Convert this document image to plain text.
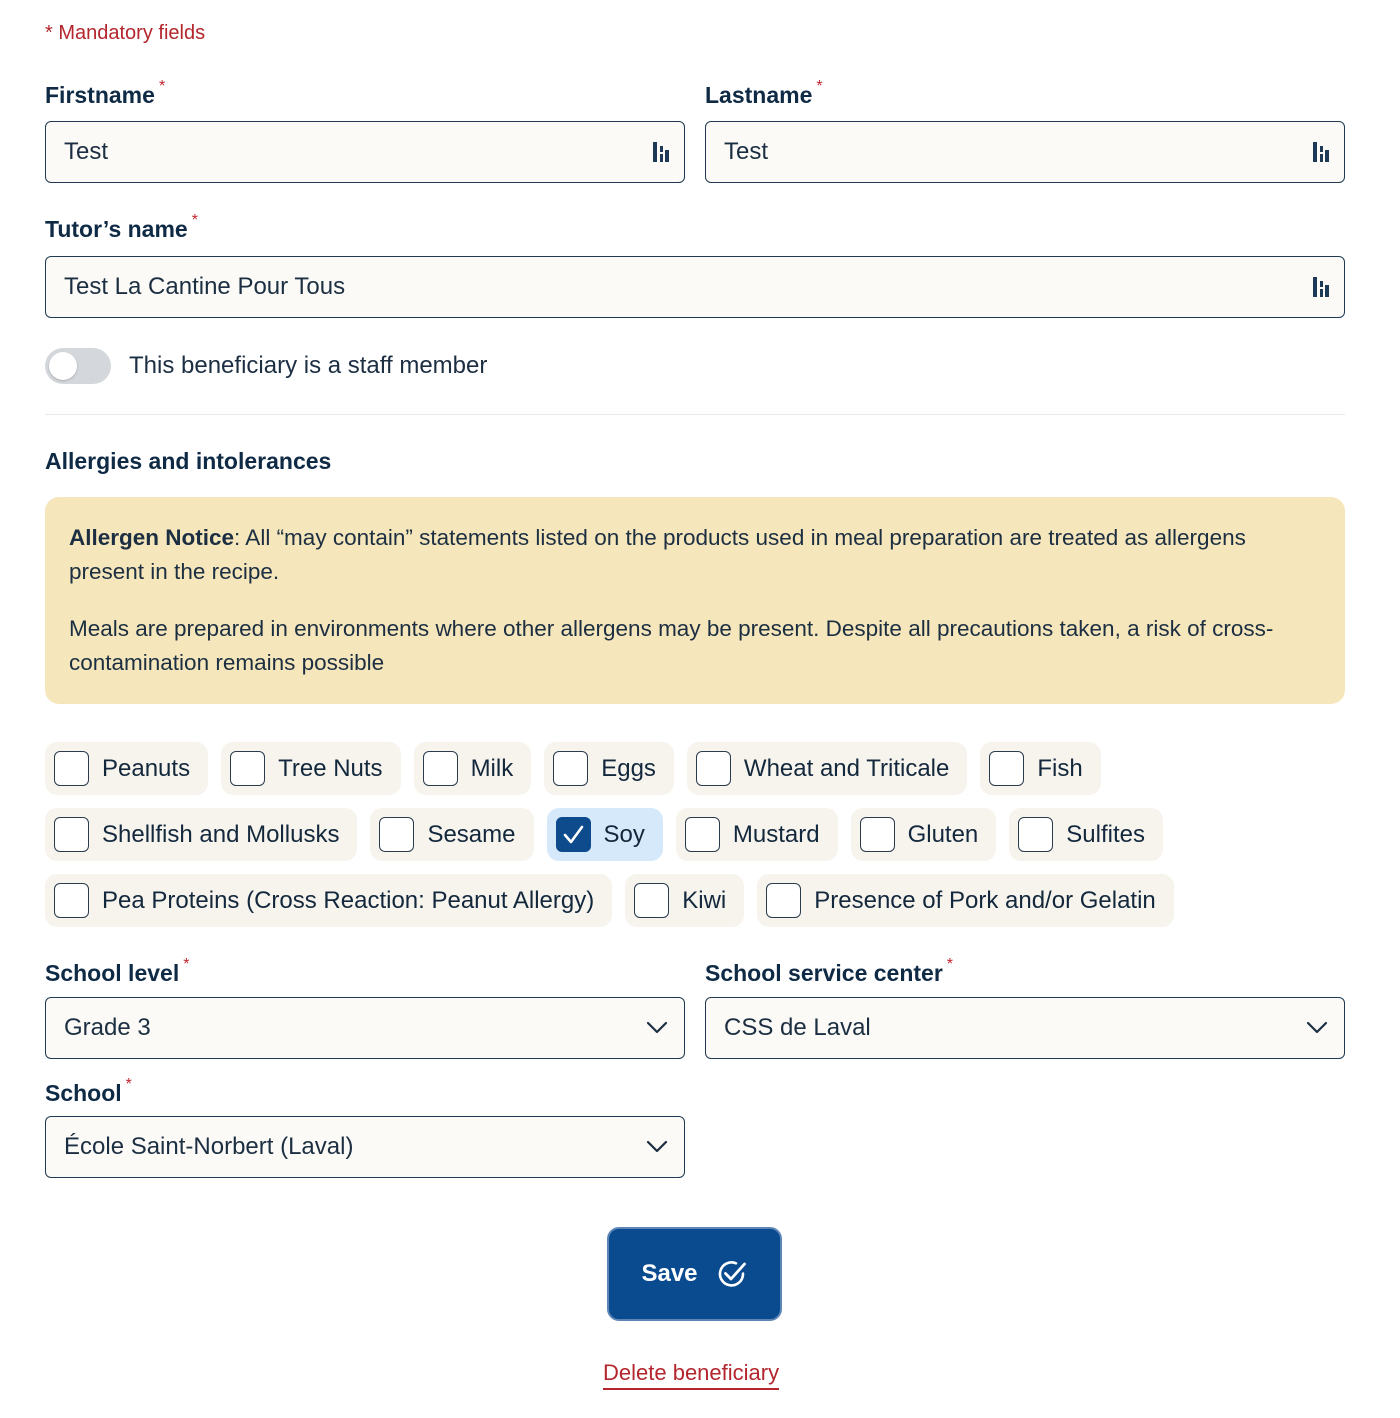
* Mandatory fields
Firstname *
Test
Lastname *
Test
Tutor’s name *
Test La Cantine Pour Tous
This beneficiary is a staff member
Allergies and intolerances

Allergen Notice: All “may contain” statements listed on the products used in meal preparation are treated as allergens present in the recipe.

Meals are prepared in environments where other allergens may be present. Despite all precautions taken, a risk of cross-contamination remains possible

Peanuts	Tree Nuts	Milk	Eggs	Wheat and Triticale	Fish
Shellfish and Mollusks	Sesame	Soy	Mustard	Gluten	Sulfites
Pea Proteins (Cross Reaction: Peanut Allergy)	Kiwi	Presence of Pork and/or Gelatin
School level *
Grade 3
School service center *
CSS de Laval
School *
École Saint-Norbert (Laval)
Save
Delete beneficiary
